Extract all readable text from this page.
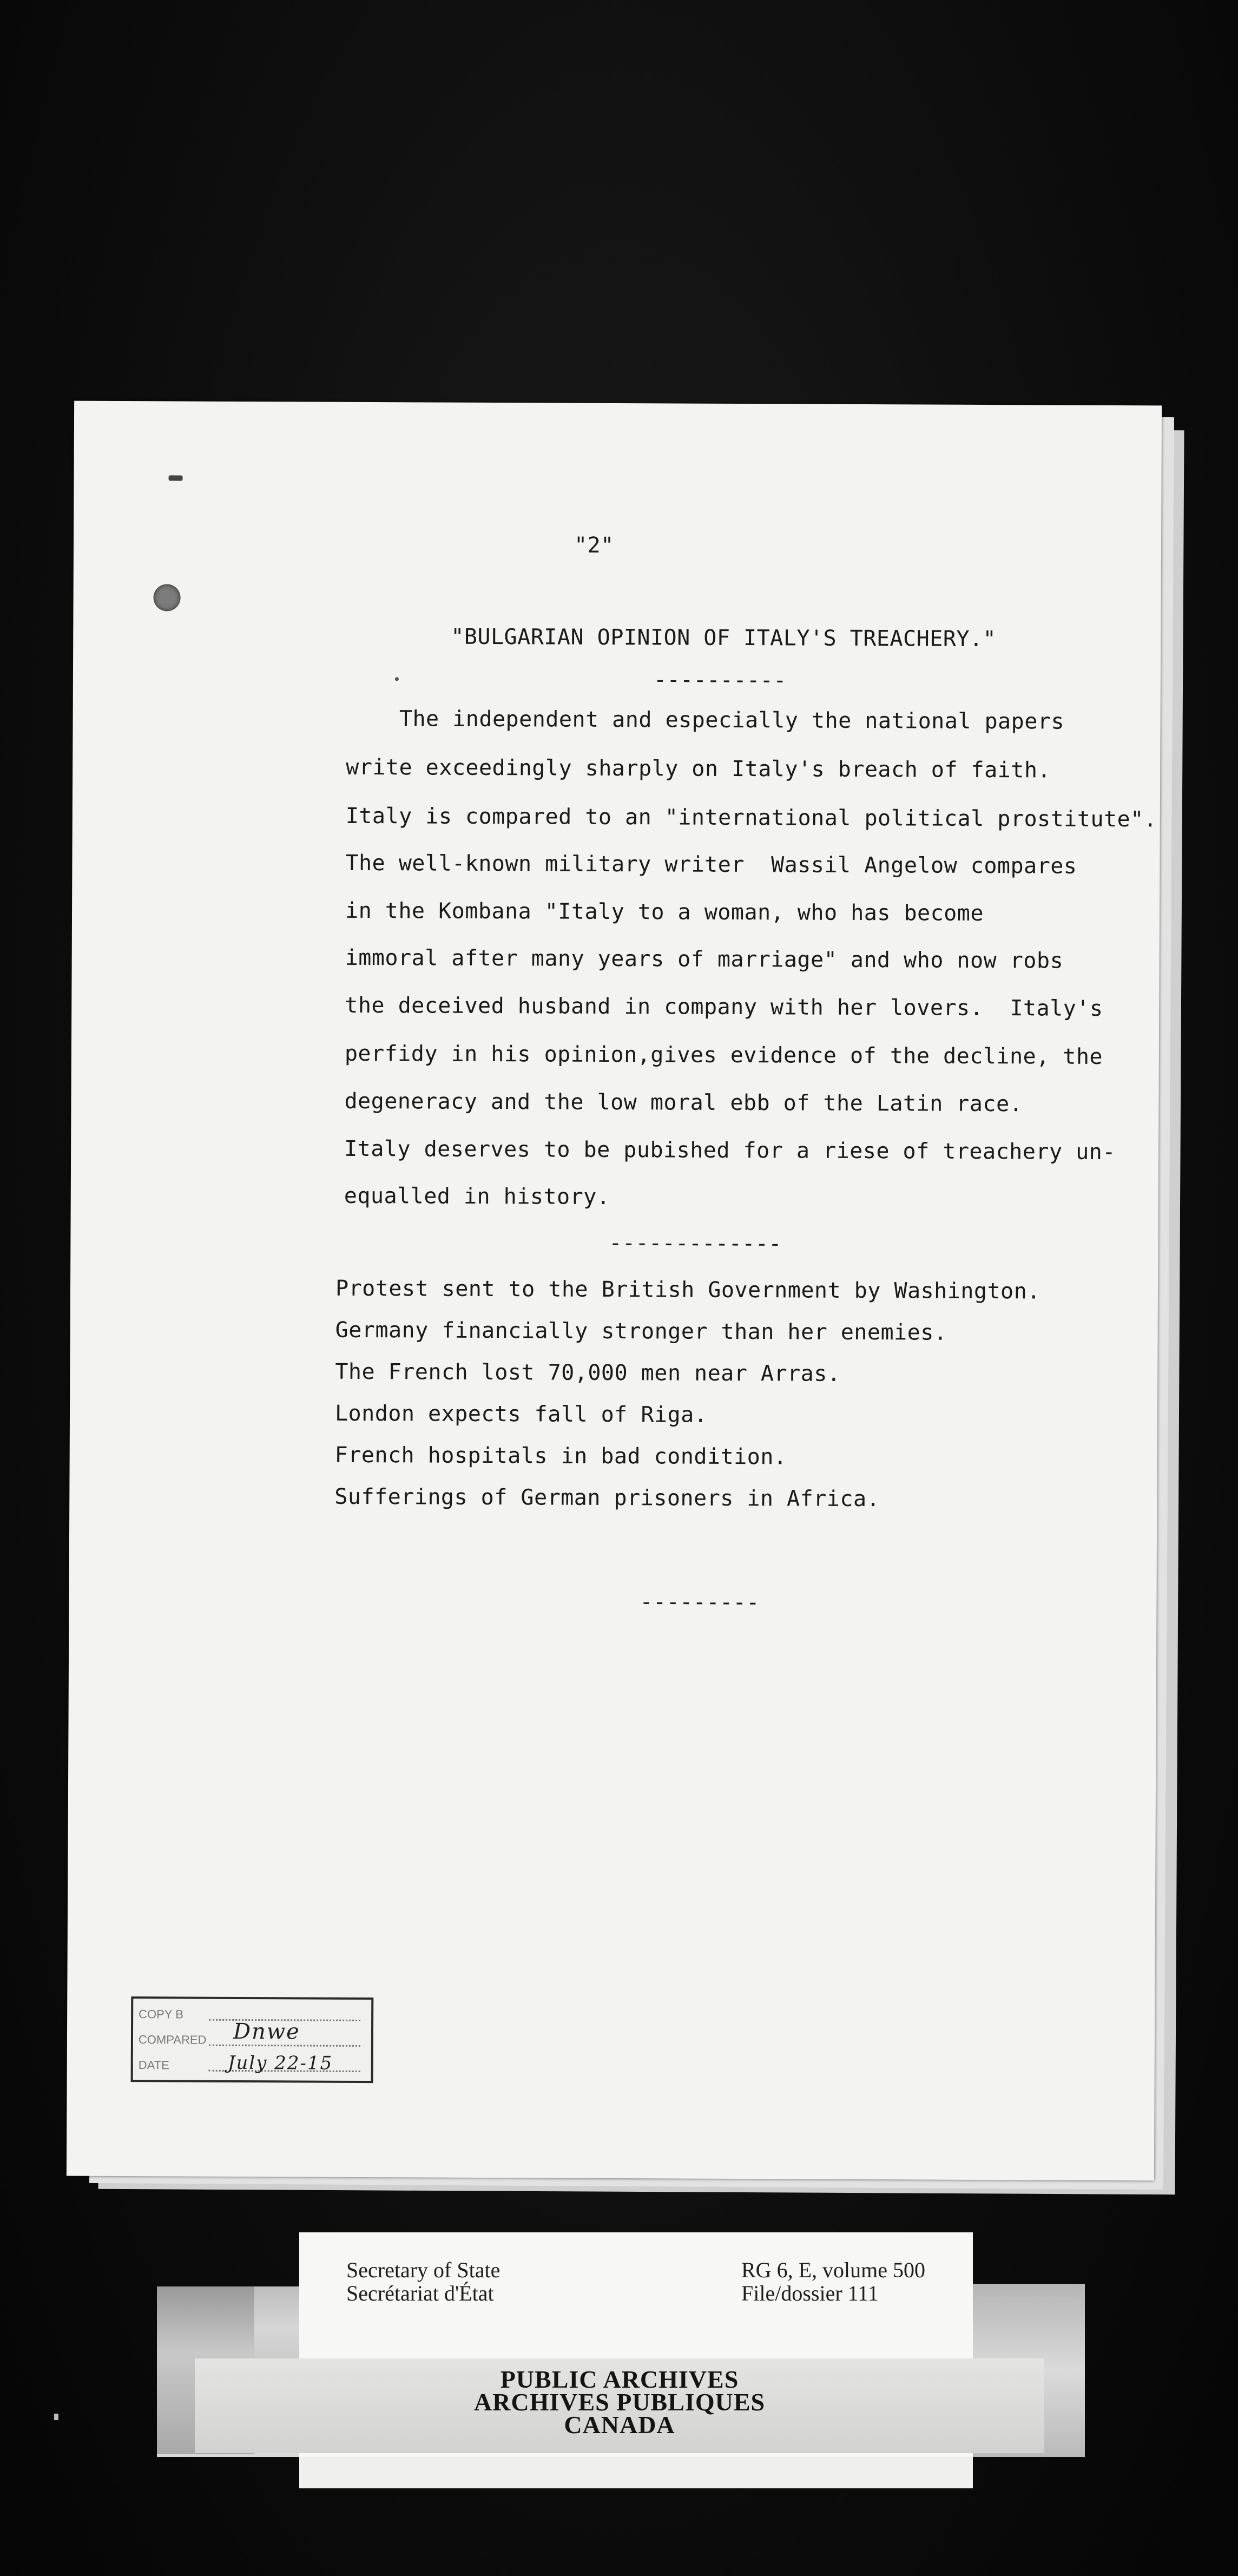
"2"

"BULGARIAN OPINION OF ITALY'S TREACHERY."

----------

The independent and especially the national papers

write exceedingly sharply on Italy's breach of faith.

Italy is compared to an "international political prostitute".

The well-known military writer  Wassil Angelow compares

in the Kombana "Italy to a woman, who has become

immoral after many years of marriage" and who now robs

the deceived husband in company with her lovers.  Italy's

perfidy in his opinion,gives evidence of the decline, the

degeneracy and the low moral ebb of the Latin race.

Italy deserves to be pubished for a riese of treachery un-

equalled in history.

-------------

Protest sent to the British Government by Washington.

Germany financially stronger than her enemies.

The French lost 70,000 men near Arras.

London expects fall of Riga.

French hospitals in bad condition.

Sufferings of German prisoners in Africa.

---------

COPY B
COMPARED Dnwe
DATE	July 22-15

Secretary of State

Secrétariat d'État

RG 6, E, volume 500

File/dossier 111

PUBLIC ARCHIVES

ARCHIVES PUBLIQUES

CANADA
